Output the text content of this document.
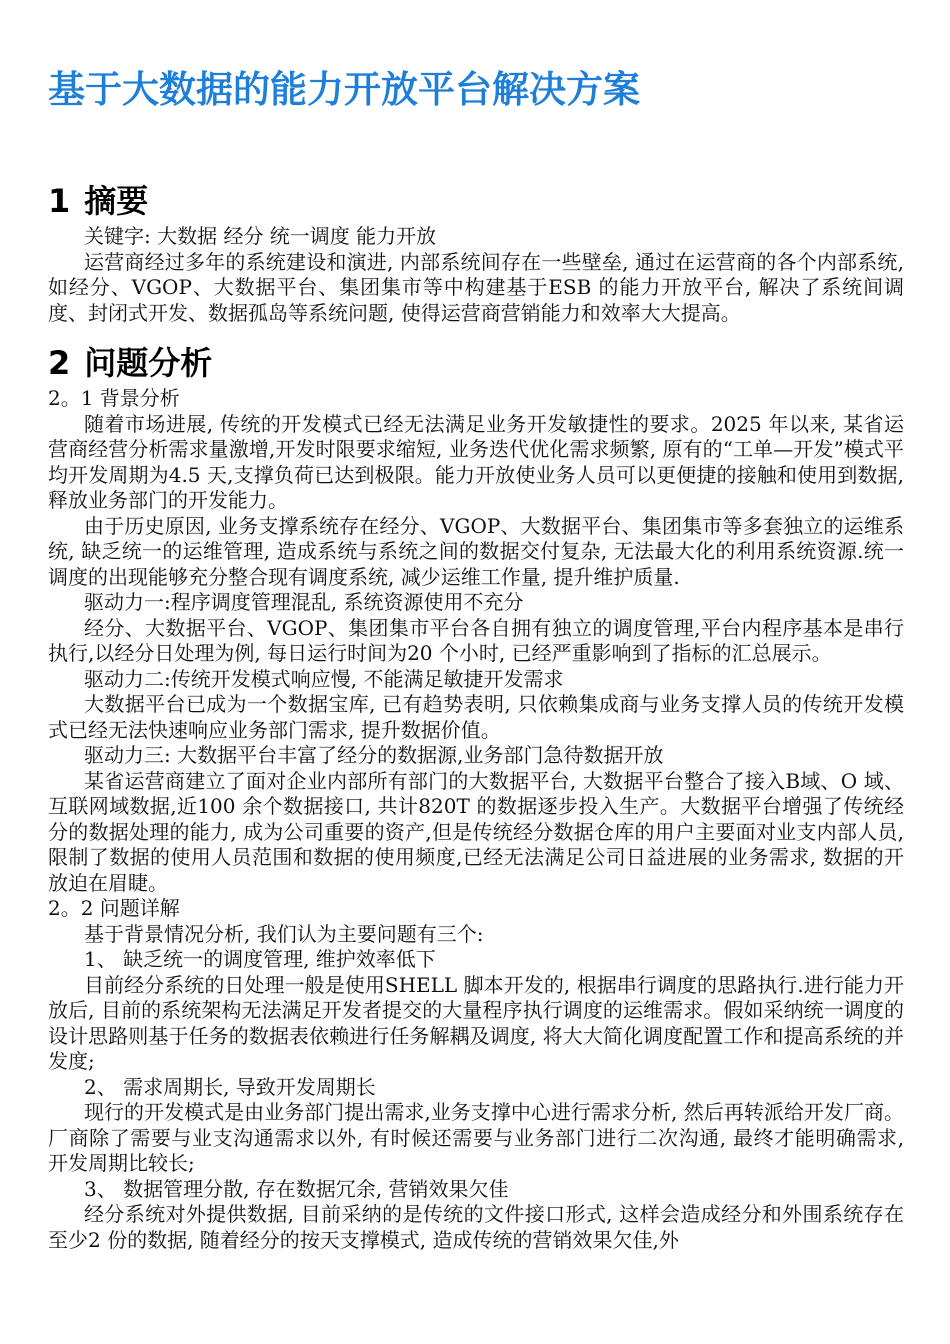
基于大数据的能力开放平台解决方案
1 摘要
关键字: 大数据 经分 统一调度 能力开放

运营商经过多年的系统建设和演进, 内部系统间存在一些壁垒, 通过在运营商的各个内部系统,如经分、VGOP、大数据平台、集团集市等中构建基于ESB 的能力开放平台, 解决了系统间调度、封闭式开发、数据孤岛等系统问题, 使得运营商营销能力和效率大大提高。

2 问题分析
2。1 背景分析

随着市场进展, 传统的开发模式已经无法满足业务开发敏捷性的要求。2025 年以来, 某省运营商经营分析需求量激增,开发时限要求缩短, 业务迭代优化需求频繁, 原有的“工单—开发”模式平均开发周期为4.5 天,支撑负荷已达到极限。能力开放使业务人员可以更便捷的接触和使用到数据, 释放业务部门的开发能力。

由于历史原因, 业务支撑系统存在经分、VGOP、大数据平台、集团集市等多套独立的运维系统, 缺乏统一的运维管理, 造成系统与系统之间的数据交付复杂, 无法最大化的利用系统资源.统一调度的出现能够充分整合现有调度系统, 减少运维工作量, 提升维护质量.

驱动力一:程序调度管理混乱, 系统资源使用不充分

经分、大数据平台、VGOP、集团集市平台各自拥有独立的调度管理,平台内程序基本是串行执行,以经分日处理为例, 每日运行时间为20 个小时, 已经严重影响到了指标的汇总展示。

驱动力二:传统开发模式响应慢, 不能满足敏捷开发需求

大数据平台已成为一个数据宝库, 已有趋势表明, 只依赖集成商与业务支撑人员的传统开发模式已经无法快速响应业务部门需求, 提升数据价值。

驱动力三: 大数据平台丰富了经分的数据源,业务部门急待数据开放

某省运营商建立了面对企业内部所有部门的大数据平台, 大数据平台整合了接入B域、O 域、互联网域数据,近100 余个数据接口, 共计820T 的数据逐步投入生产。大数据平台增强了传统经分的数据处理的能力, 成为公司重要的资产,但是传统经分数据仓库的用户主要面对业支内部人员,限制了数据的使用人员范围和数据的使用频度,已经无法满足公司日益进展的业务需求, 数据的开放迫在眉睫。

2。2 问题详解

基于背景情况分析, 我们认为主要问题有三个:

1、 缺乏统一的调度管理, 维护效率低下

目前经分系统的日处理一般是使用SHELL 脚本开发的, 根据串行调度的思路执行.进行能力开放后, 目前的系统架构无法满足开发者提交的大量程序执行调度的运维需求。假如采纳统一调度的设计思路则基于任务的数据表依赖进行任务解耦及调度, 将大大简化调度配置工作和提高系统的并发度;

2、 需求周期长, 导致开发周期长

现行的开发模式是由业务部门提出需求,业务支撑中心进行需求分析, 然后再转派给开发厂商。厂商除了需要与业支沟通需求以外, 有时候还需要与业务部门进行二次沟通, 最终才能明确需求, 开发周期比较长;

3、 数据管理分散, 存在数据冗余, 营销效果欠佳

经分系统对外提供数据, 目前采纳的是传统的文件接口形式, 这样会造成经分和外围系统存在至少2 份的数据, 随着经分的按天支撑模式, 造成传统的营销效果欠佳,外
